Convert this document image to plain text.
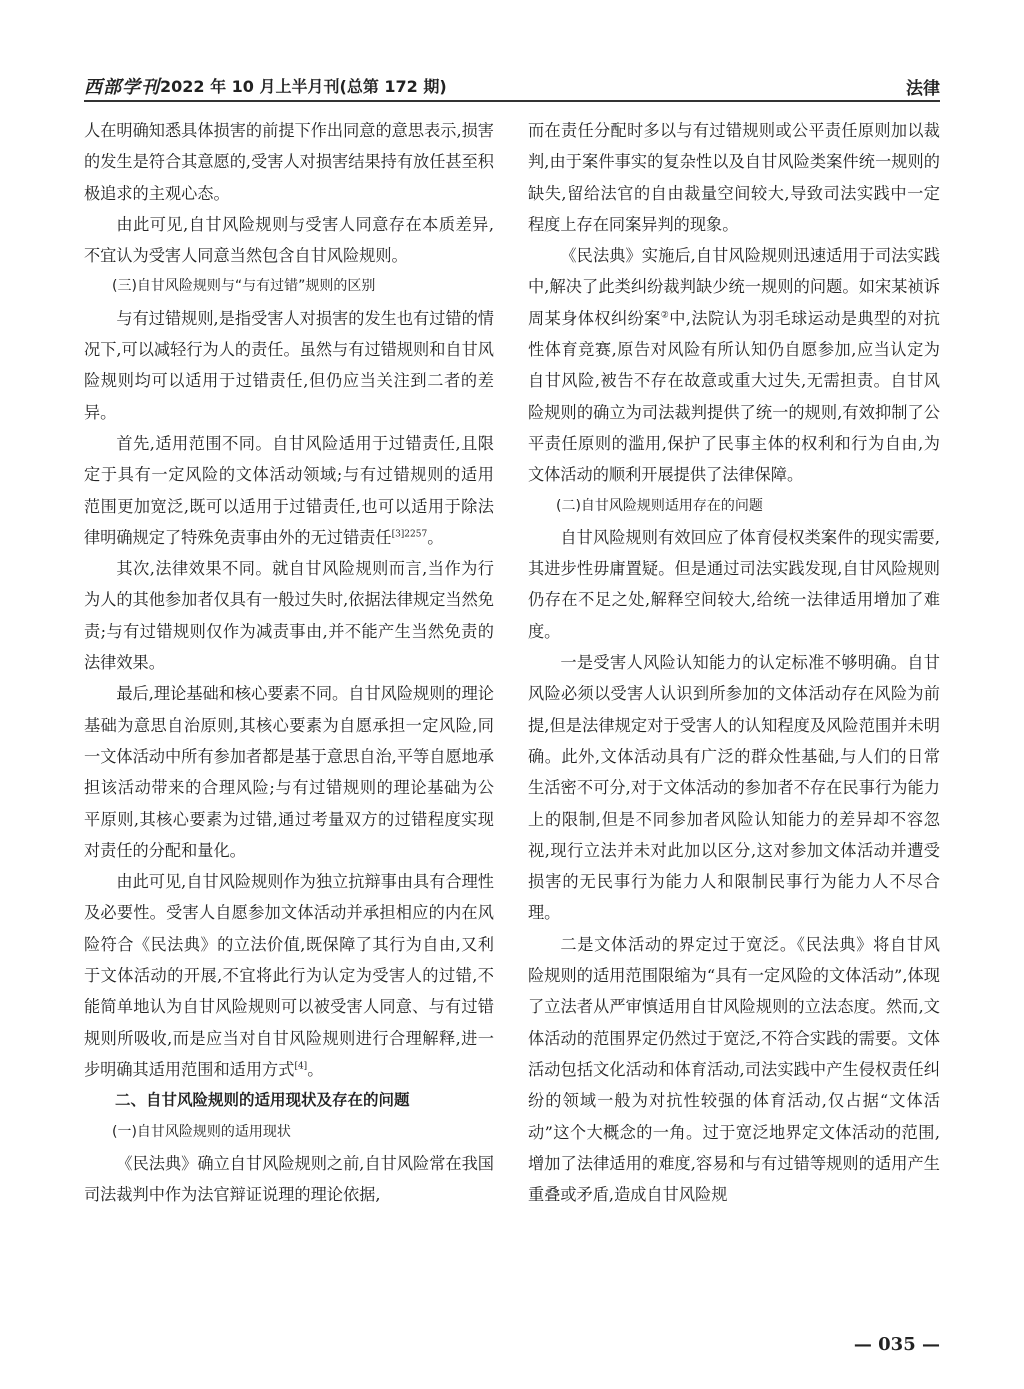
西部学刊 2022 年 10 月上半月刊(总第 172 期)	法律

人在明确知悉具体损害的前提下作出同意的意思表示,损害的发生是符合其意愿的,受害人对损害结果持有放任甚至积极追求的主观心态。

由此可见,自甘风险规则与受害人同意存在本质差异,不宜认为受害人同意当然包含自甘风险规则。

(三)自甘风险规则与“与有过错”规则的区别

与有过错规则,是指受害人对损害的发生也有过错的情况下,可以减轻行为人的责任。虽然与有过错规则和自甘风险规则均可以适用于过错责任,但仍应当关注到二者的差异。

首先,适用范围不同。自甘风险适用于过错责任,且限定于具有一定风险的文体活动领域;与有过错规则的适用范围更加宽泛,既可以适用于过错责任,也可以适用于除法律明确规定了特殊免责事由外的无过错责任$^{[3]2257}$。

其次,法律效果不同。就自甘风险规则而言,当作为行为人的其他参加者仅具有一般过失时,依据法律规定当然免责;与有过错规则仅作为减责事由,并不能产生当然免责的法律效果。

最后,理论基础和核心要素不同。自甘风险规则的理论基础为意思自治原则,其核心要素为自愿承担一定风险,同一文体活动中所有参加者都是基于意思自治,平等自愿地承担该活动带来的合理风险;与有过错规则的理论基础为公平原则,其核心要素为过错,通过考量双方的过错程度实现对责任的分配和量化。

由此可见,自甘风险规则作为独立抗辩事由具有合理性及必要性。受害人自愿参加文体活动并承担相应的内在风险符合《民法典》的立法价值,既保障了其行为自由,又利于文体活动的开展,不宜将此行为认定为受害人的过错,不能简单地认为自甘风险规则可以被受害人同意、与有过错规则所吸收,而是应当对自甘风险规则进行合理解释,进一步明确其适用范围和适用方式[4]。

二、自甘风险规则的适用现状及存在的问题

(一)自甘风险规则的适用现状

《民法典》确立自甘风险规则之前,自甘风险常在我国司法裁判中作为法官辩证说理的理论依据,

而在责任分配时多以与有过错规则或公平责任原则加以裁判,由于案件事实的复杂性以及自甘风险类案件统一规则的缺失,留给法官的自由裁量空间较大,导致司法实践中一定程度上存在同案异判的现象。

《民法典》实施后,自甘风险规则迅速适用于司法实践中,解决了此类纠纷裁判缺少统一规则的问题。如宋某祯诉周某身体权纠纷案②中,法院认为羽毛球运动是典型的对抗性体育竞赛,原告对风险有所认知仍自愿参加,应当认定为自甘风险,被告不存在故意或重大过失,无需担责。自甘风险规则的确立为司法裁判提供了统一的规则,有效抑制了公平责任原则的滥用,保护了民事主体的权利和行为自由,为文体活动的顺利开展提供了法律保障。

(二)自甘风险规则适用存在的问题

自甘风险规则有效回应了体育侵权类案件的现实需要,其进步性毋庸置疑。但是通过司法实践发现,自甘风险规则仍存在不足之处,解释空间较大,给统一法律适用增加了难度。

一是受害人风险认知能力的认定标准不够明确。自甘风险必须以受害人认识到所参加的文体活动存在风险为前提,但是法律规定对于受害人的认知程度及风险范围并未明确。此外,文体活动具有广泛的群众性基础,与人们的日常生活密不可分,对于文体活动的参加者不存在民事行为能力上的限制,但是不同参加者风险认知能力的差异却不容忽视,现行立法并未对此加以区分,这对参加文体活动并遭受损害的无民事行为能力人和限制民事行为能力人不尽合理。

二是文体活动的界定过于宽泛。《民法典》将自甘风险规则的适用范围限缩为“具有一定风险的文体活动”,体现了立法者从严审慎适用自甘风险规则的立法态度。然而,文体活动的范围界定仍然过于宽泛,不符合实践的需要。文体活动包括文化活动和体育活动,司法实践中产生侵权责任纠纷的领域一般为对抗性较强的体育活动,仅占据“文体活动”这个大概念的一角。过于宽泛地界定文体活动的范围,增加了法律适用的难度,容易和与有过错等规则的适用产生重叠或矛盾,造成自甘风险规

— 035 —
